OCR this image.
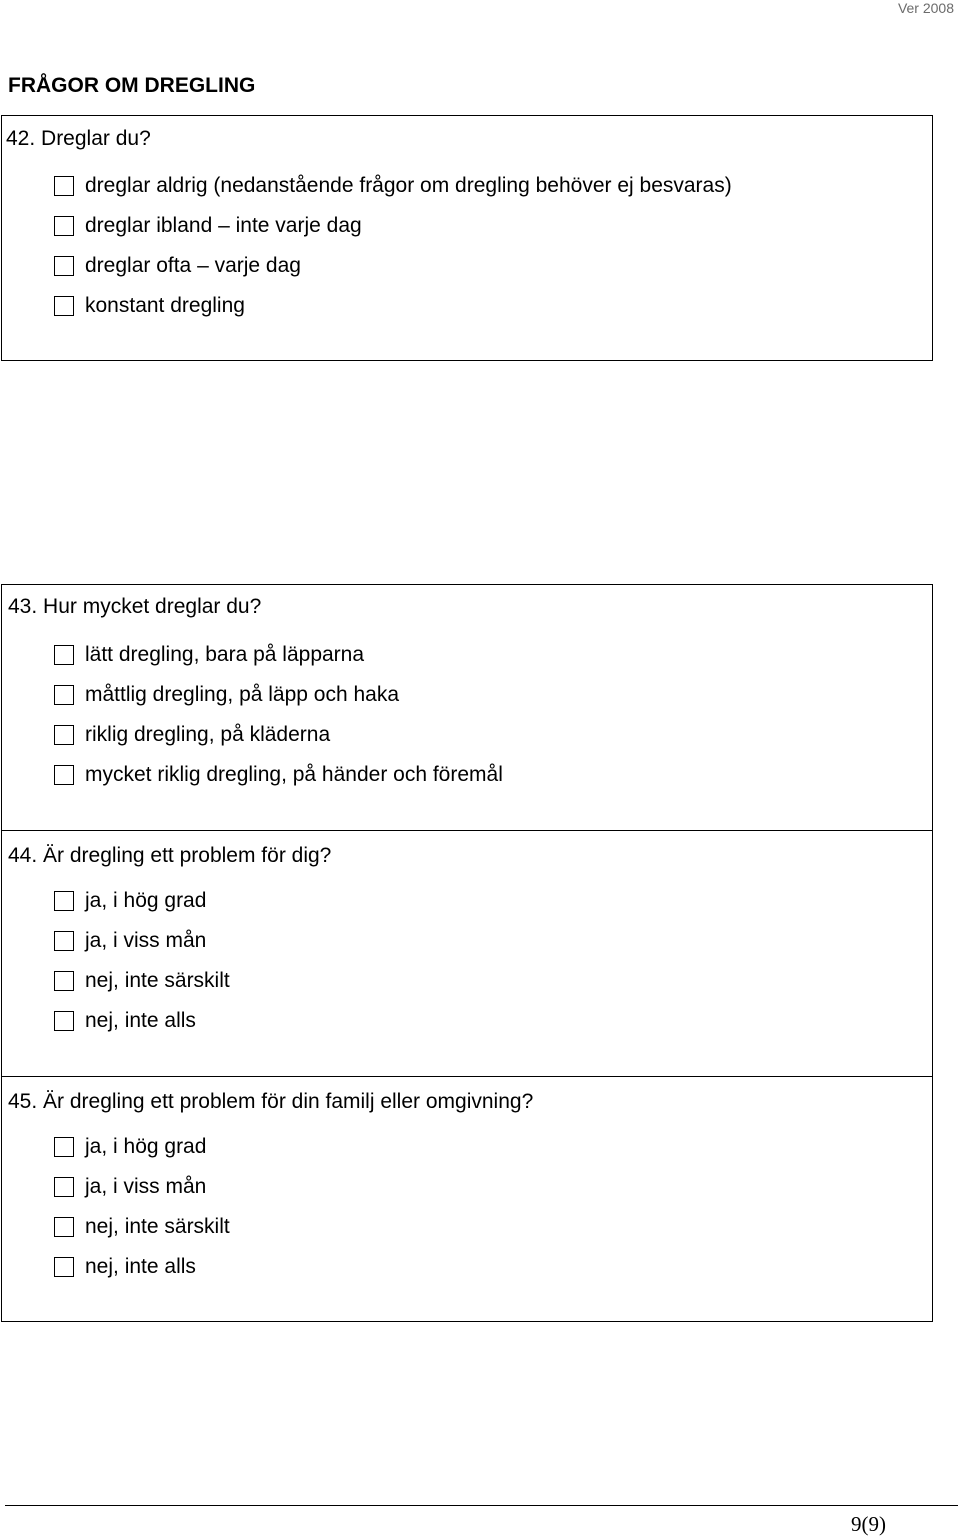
Ver 2008
FRÅGOR OM DREGLING
42. Dreglar du?
dreglar aldrig (nedanstående frågor om dregling behöver ej besvaras)
dreglar ibland – inte varje dag
dreglar ofta – varje dag
konstant dregling
43. Hur mycket dreglar du?
lätt dregling, bara på läpparna
måttlig dregling, på läpp och haka
riklig dregling, på kläderna
mycket riklig dregling, på händer och föremål
44. Är dregling ett problem för dig?
ja, i hög grad
ja, i viss mån
nej, inte särskilt
nej, inte alls
45. Är dregling ett problem för din familj eller omgivning?
ja, i hög grad
ja, i viss mån
nej, inte särskilt
nej, inte alls
9(9)
